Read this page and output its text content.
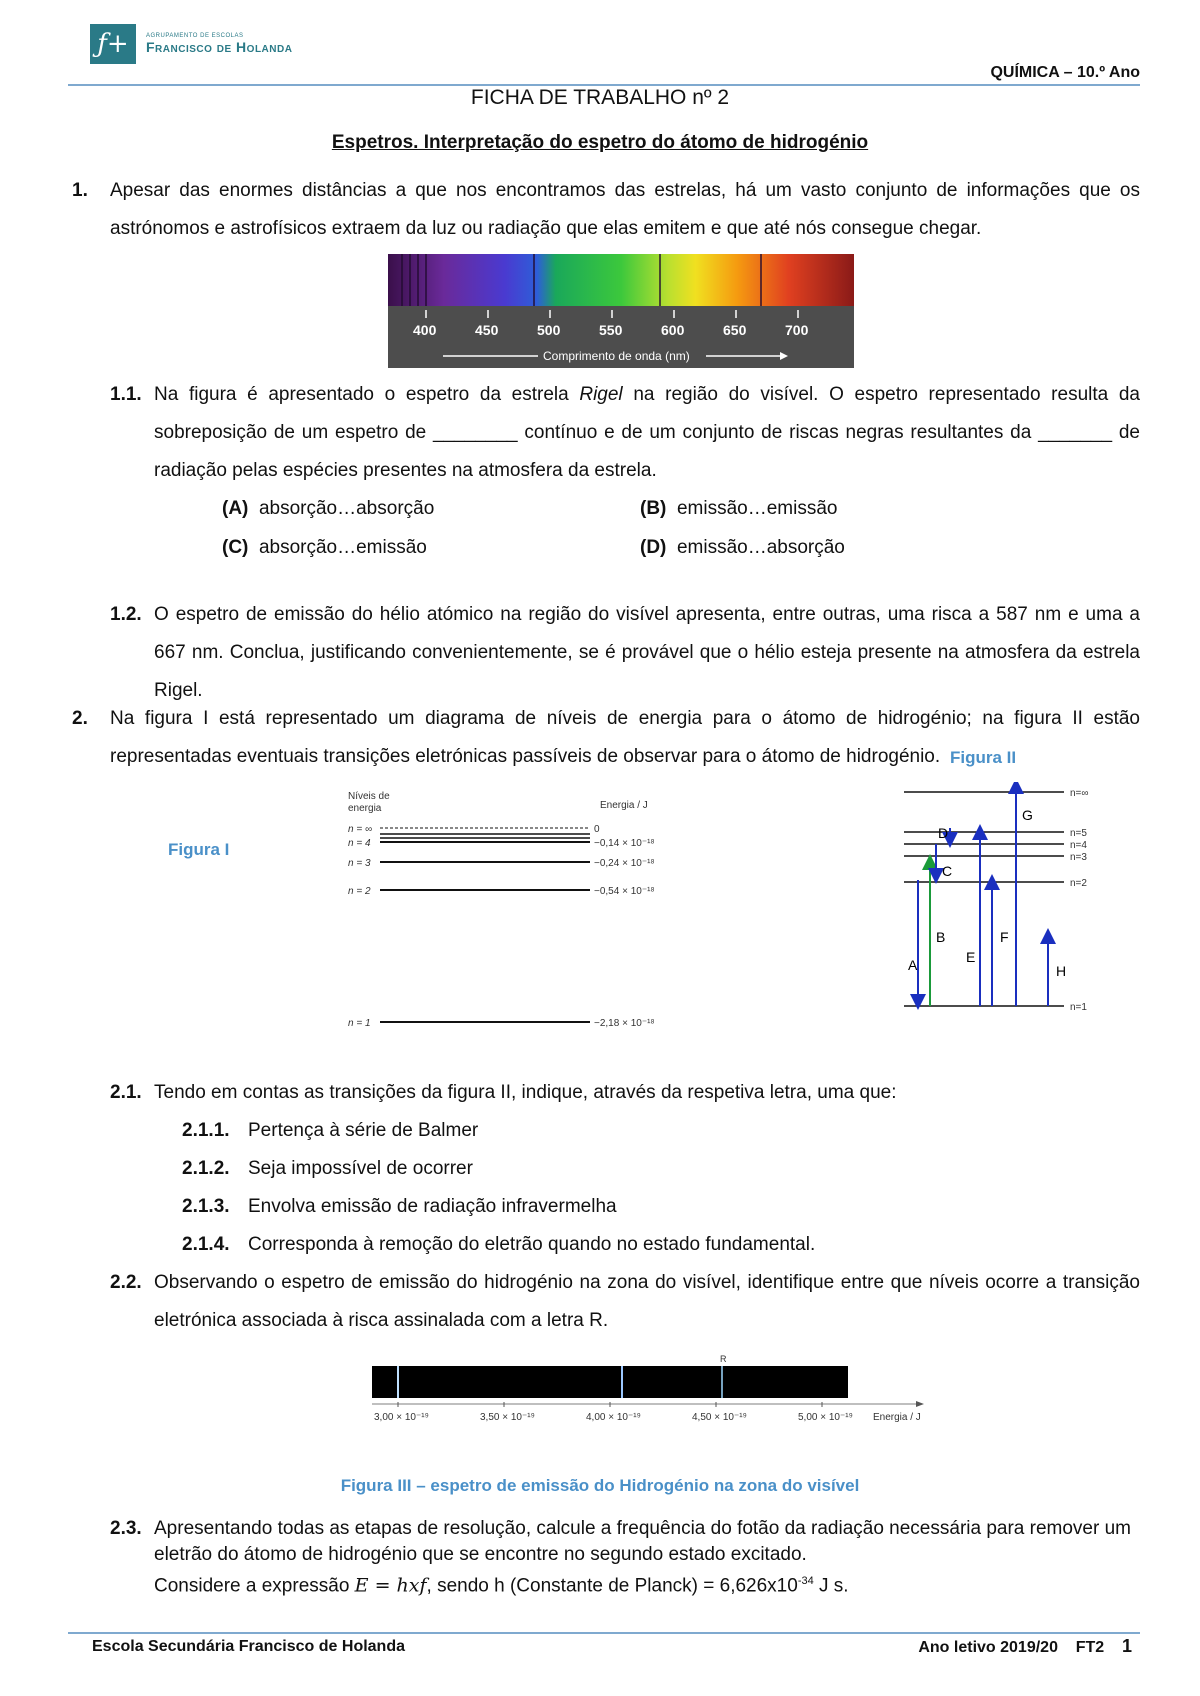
ƒ+	AGRUPAMENTO DE ESCOLAS
Francisco de Holanda
QUÍMICA – 10.º Ano
FICHA DE TRABALHO nº 2
Espetros. Interpretação do espetro do átomo de hidrogénio
1. Apesar das enormes distâncias a que nos encontramos das estrelas, há um vasto conjunto de informações que os astrónomos e astrofísicos extraem da luz ou radiação que elas emitem e que até nós consegue chegar.
400	450	500	550	600	650	700
Comprimento de onda (nm)
1.1. Na figura é apresentado o espetro da estrela Rigel na região do visível. O espetro representado resulta da sobreposição de um espetro de ________ contínuo e de um conjunto de riscas negras resultantes da _______ de radiação pelas espécies presentes na atmosfera da estrela.
(A) absorção…absorção	(B) emissão…emissão
(C) absorção…emissão	(D) emissão…absorção
1.2. O espetro de emissão do hélio atómico na região do visível apresenta, entre outras, uma risca a 587 nm e uma a 667 nm. Conclua, justificando convenientemente, se é provável que o hélio esteja presente na atmosfera da estrela Rigel.
2. Na figura I está representado um diagrama de níveis de energia para o átomo de hidrogénio; na figura II estão representadas eventuais transições eletrónicas passíveis de observar para o átomo de hidrogénio.
Figura I
Figura II
Níveis de
energia	Energia / J
n = ∞	0
n = 4	−0,14 × 10⁻¹⁸
n = 3	−0,24 × 10⁻¹⁸
n = 2	−0,54 × 10⁻¹⁸
n = 1	−2,18 × 10⁻¹⁸
n=∞
n=5
n=4
n=3
n=2
n=1
A
B
C
D
E
F
G
H
2.1. Tendo em contas as transições da figura II, indique, através da respetiva letra, uma que:
2.1.1. Pertença à série de Balmer
2.1.2. Seja impossível de ocorrer
2.1.3. Envolva emissão de radiação infravermelha
2.1.4. Corresponda à remoção do eletrão quando no estado fundamental.
2.2. Observando o espetro de emissão do hidrogénio na zona do visível, identifique entre que níveis ocorre a transição eletrónica associada à risca assinalada com a letra R.
R
3,00 × 10⁻¹⁹	3,50 × 10⁻¹⁹	4,00 × 10⁻¹⁹	4,50 × 10⁻¹⁹	5,00 × 10⁻¹⁹ Energia / J
Figura III – espetro de emissão do Hidrogénio na zona do visível
2.3. Apresentando todas as etapas de resolução, calcule a frequência do fotão da radiação necessária para remover um eletrão do átomo de hidrogénio que se encontre no segundo estado excitado.
Considere a expressão E = hxf, sendo h (Constante de Planck) = $6,626x10^{-34}$ J s.
Escola Secundária Francisco de Holanda	Ano letivo 2019/20 FT2 1
